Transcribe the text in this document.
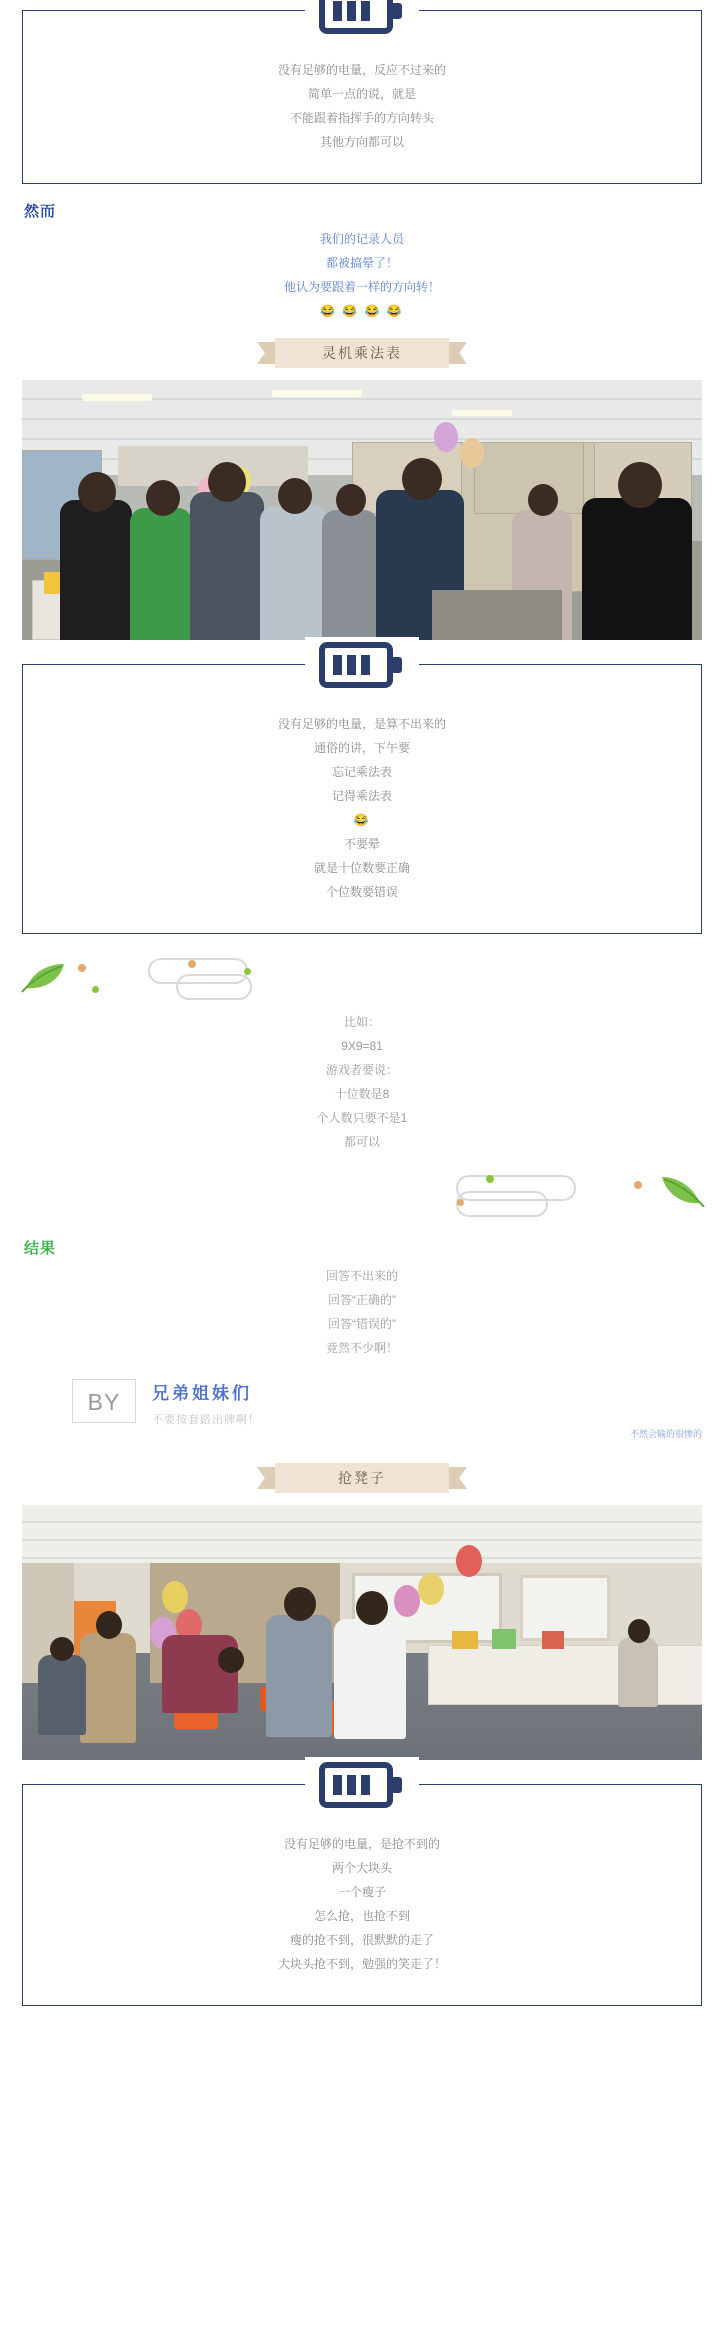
没有足够的电量，反应不过来的

简单一点的说，就是

不能跟着指挥手的方向转头

其他方向都可以

然而

我们的记录人员

都被搞晕了！

他认为要跟着一样的方向转！

😂 😂 😂 😂

灵机乘法表

没有足够的电量，是算不出来的

通俗的讲，下午要

忘记乘法表

记得乘法表

😂

不要晕

就是十位数要正确

个位数要错误

比如：

9X9=81

游戏者要说：

十位数是8

个人数只要不是1

都可以

结果

回答不出来的

回答“正确的”

回答“错误的”

竟然不少啊！

BY	兄弟姐妹们
不要按套路出牌啊！
不然会输的很惨的
抢凳子

没有足够的电量，是抢不到的

两个大块头

一个瘦子

怎么抢，也抢不到

瘦的抢不到，很默默的走了

大块头抢不到，勉强的笑走了！
